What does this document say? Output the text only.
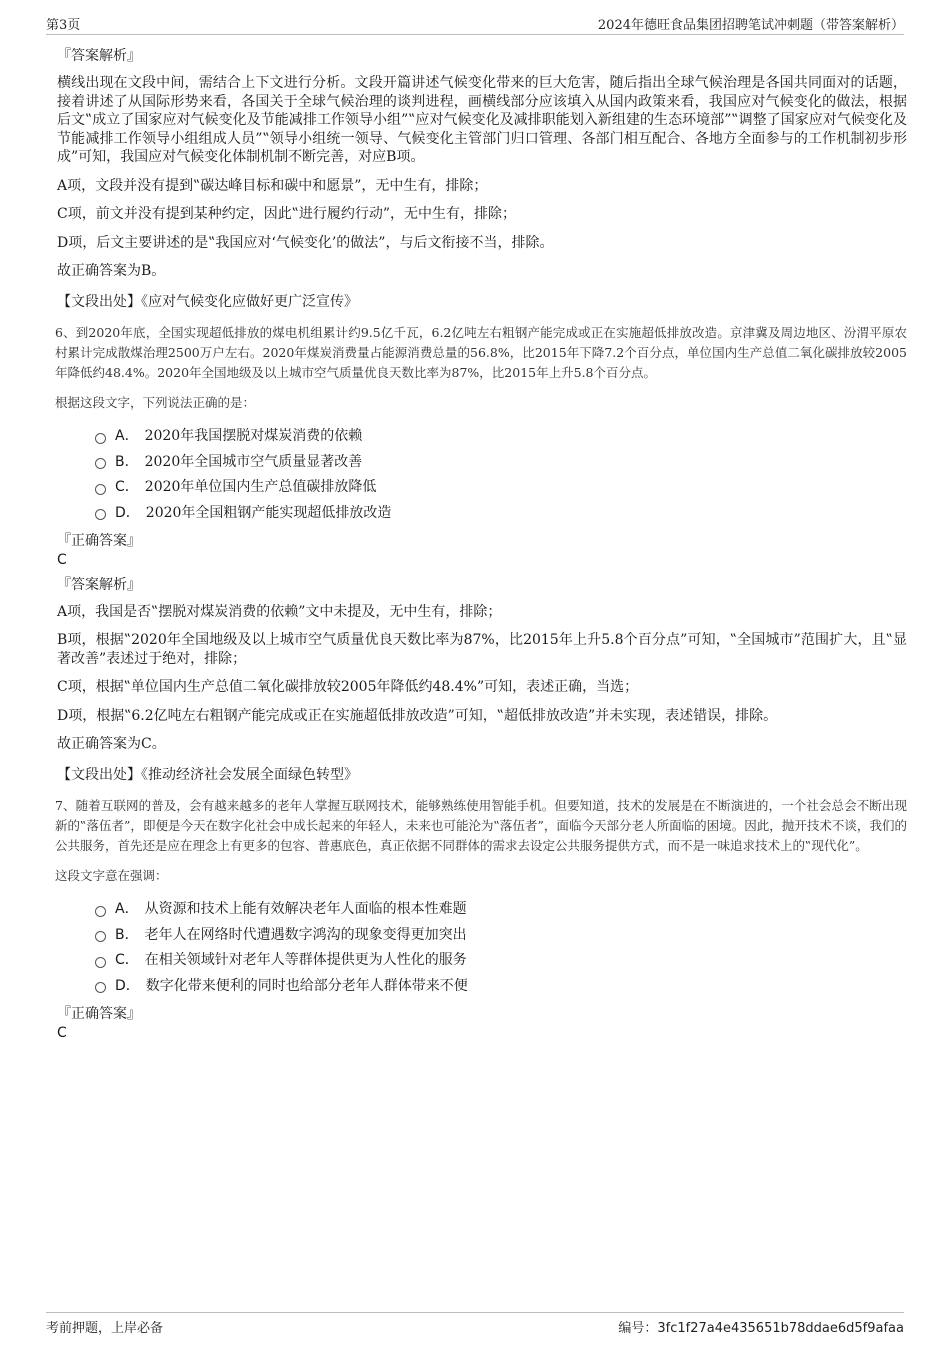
第3页	2024年德旺食品集团招聘笔试冲刺题（带答案解析）
『答案解析』

横线出现在文段中间，需结合上下文进行分析。文段开篇讲述气候变化带来的巨大危害，随后指出全球气候治理是各国共同面对的话题，接着讲述了从国际形势来看，各国关于全球气候治理的谈判进程，画横线部分应该填入从国内政策来看，我国应对气候变化的做法，根据后文‟成立了国家应对气候变化及节能减排工作领导小组”‟应对气候变化及减排职能划入新组建的生态环境部”‟调整了国家应对气候变化及节能减排工作领导小组组成人员”‟领导小组统一领导、气候变化主管部门归口管理、各部门相互配合、各地方全面参与的工作机制初步形成”可知，我国应对气候变化体制机制不断完善，对应B项。

A项，文段并没有提到‟碳达峰目标和碳中和愿景”，无中生有，排除；

C项，前文并没有提到某种约定，因此‟进行履约行动”，无中生有，排除；

D项，后文主要讲述的是‟我国应对‘气候变化’的做法”，与后文衔接不当，排除。

故正确答案为B。

【文段出处】《应对气候变化应做好更广泛宣传》

6、到2020年底，全国实现超低排放的煤电机组累计约9.5亿千瓦，6.2亿吨左右粗钢产能完成或正在实施超低排放改造。京津冀及周边地区、汾渭平原农村累计完成散煤治理2500万户左右。2020年煤炭消费量占能源消费总量的56.8%，比2015年下降7.2个百分点，单位国内生产总值二氧化碳排放较2005年降低约48.4%。2020年全国地级及以上城市空气质量优良天数比率为87%，比2015年上升5.8个百分点。

根据这段文字，下列说法正确的是：

A． 2020年我国摆脱对煤炭消费的依赖
B． 2020年全国城市空气质量显著改善
C． 2020年单位国内生产总值碳排放降低
D． 2020年全国粗钢产能实现超低排放改造
『正确答案』
C
『答案解析』

A项，我国是否‟摆脱对煤炭消费的依赖”文中未提及，无中生有，排除；

B项，根据‟2020年全国地级及以上城市空气质量优良天数比率为87%，比2015年上升5.8个百分点”可知，‟全国城市”范围扩大，且‟显著改善”表述过于绝对，排除；

C项，根据‟单位国内生产总值二氧化碳排放较2005年降低约48.4%”可知，表述正确，当选；

D项，根据‟6.2亿吨左右粗钢产能完成或正在实施超低排放改造”可知，‟超低排放改造”并未实现，表述错误，排除。

故正确答案为C。

【文段出处】《推动经济社会发展全面绿色转型》

7、随着互联网的普及，会有越来越多的老年人掌握互联网技术，能够熟练使用智能手机。但要知道，技术的发展是在不断演进的，一个社会总会不断出现新的‟落伍者”，即便是今天在数字化社会中成长起来的年轻人，未来也可能沦为‟落伍者”，面临今天部分老人所面临的困境。因此，抛开技术不谈，我们的公共服务，首先还是应在理念上有更多的包容、普惠底色，真正依据不同群体的需求去设定公共服务提供方式，而不是一味追求技术上的‟现代化”。

这段文字意在强调：

A． 从资源和技术上能有效解决老年人面临的根本性难题
B． 老年人在网络时代遭遇数字鸿沟的现象变得更加突出
C． 在相关领域针对老年人等群体提供更为人性化的服务
D． 数字化带来便利的同时也给部分老年人群体带来不便
『正确答案』
C
考前押题，上岸必备	编号：3fc1f27a4e435651b78ddae6d5f9afaa
